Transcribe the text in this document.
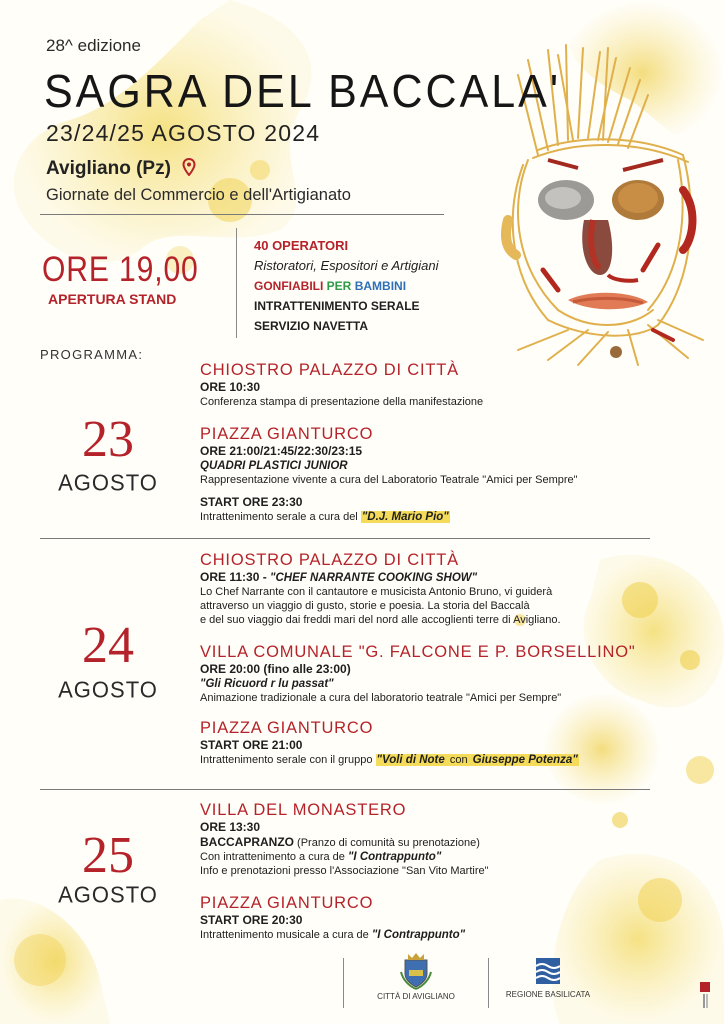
28^ edizione
SAGRA DEL BACCALA'
23/24/25 AGOSTO 2024
Avigliano (Pz)
Giornate del Commercio e dell'Artigianato
ORE 19,00
APERTURA STAND
40 OPERATORI
Ristoratori, Espositori e Artigiani
GONFIABILI PER BAMBINI
INTRATTENIMENTO SERALE
SERVIZIO NAVETTA
PROGRAMMA:
23
AGOSTO
CHIOSTRO PALAZZO DI CITTÀ
ORE 10:30
Conferenza stampa di presentazione della manifestazione
PIAZZA GIANTURCO
ORE 21:00/21:45/22:30/23:15
QUADRI PLASTICI JUNIOR
Rappresentazione vivente a cura del Laboratorio Teatrale "Amici per Sempre"
START ORE 23:30
Intrattenimento serale a cura del "D.J. Mario Pio"
24
AGOSTO
CHIOSTRO PALAZZO DI CITTÀ
ORE 11:30 - "CHEF NARRANTE COOKING SHOW"
Lo Chef Narrante con il cantautore e musicista Antonio Bruno, vi guiderà
attraverso un viaggio di gusto, storie e poesia. La storia del Baccalà
e del suo viaggio dai freddi mari del nord alle accoglienti terre di Avigliano.
VILLA COMUNALE "G. FALCONE E P. BORSELLINO"
ORE 20:00 (fino alle 23:00)
"Gli Ricuord r lu passat"
Animazione tradizionale a cura del laboratorio teatrale "Amici per Sempre"
PIAZZA GIANTURCO
START ORE 21:00
Intrattenimento serale con il gruppo "Voli di Note con Giuseppe Potenza"
25
AGOSTO
VILLA DEL MONASTERO
ORE 13:30
BACCAPRANZO (Pranzo di comunità su prenotazione)
Con intrattenimento a cura de "I Contrappunto"
Info e prenotazioni presso l'Associazione "San Vito Martire"
PIAZZA GIANTURCO
START ORE 20:30
Intrattenimento musicale a cura de "I Contrappunto"
CITTÀ DI AVIGLIANO	REGIONE BASILICATA
